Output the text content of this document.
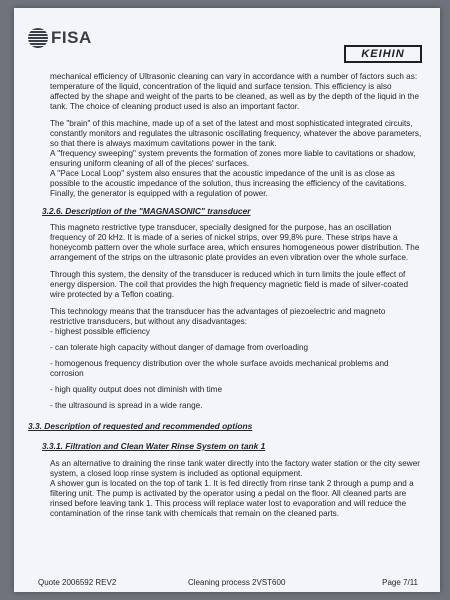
FISA
KEIHIN

mechanical efficiency of Ultrasonic cleaning can vary in accordance with a number of factors such as: temperature of the liquid, concentration of the liquid and surface tension. This efficiency is also affected by the shape and weight of the parts to be cleaned, as well as by the depth of the liquid in the tank. The choice of cleaning product used is also an important factor.

The "brain" of this machine, made up of a set of the latest and most sophisticated integrated circuits, constantly monitors and regulates the ultrasonic oscillating frequency, whatever the above parameters, so that there is always maximum cavitations power in the tank.

A "frequency sweeping" system prevents the formation of zones more liable to cavitations or shadow, ensuring uniform cleaning of all of the pieces' surfaces.

A "Pace Local Loop" system also ensures that the acoustic impedance of the unit is as close as possible to the acoustic impedance of the solution, thus increasing the efficiency of the cavitations.

Finally, the generator is equipped with a regulation of power.

3.2.6. Description of the "MAGNASONIC" transducer

This magneto restrictive type transducer, specially designed for the purpose, has an oscillation frequency of 20 kHz. It is made of a series of nickel strips, over 99,8% pure. These strips have a honeycomb pattern over the whole surface area, which ensures homogeneous power distribution. The arrangement of the strips on the ultrasonic plate provides an even vibration over the whole surface.

Through this system, the density of the transducer is reduced which in turn limits the joule effect of energy dispersion. The coil that provides the high frequency magnetic field is made of silver-coated wire protected by a Teflon coating.

This technology means that the transducer has the advantages of piezoelectric and magneto restrictive transducers, but without any disadvantages:

- highest possible efficiency

- can tolerate high capacity without danger of damage from overloading

- homogenous frequency distribution over the whole surface avoids mechanical problems and corrosion

- high quality output does not diminish with time

- the ultrasound is spread in a wide range.

3.3. Description of requested and recommended options
3.3.1. Filtration and Clean Water Rinse System on tank 1

As an alternative to draining the rinse tank water directly into the factory water station or the city sewer system, a closed loop rinse system is included as optional equipment.

A shower gun is located on the top of tank 1. It is fed directly from rinse tank 2 through a pump and a filtering unit. The pump is activated by the operator using a pedal on the floor. All cleaned parts are rinsed before leaving tank 1. This process will replace water lost to evaporation and will reduce the contamination of the rinse tank with chemicals that remain on the cleaned parts.

Quote 2006592 REV2	Cleaning process 2VST600	Page 7/11
